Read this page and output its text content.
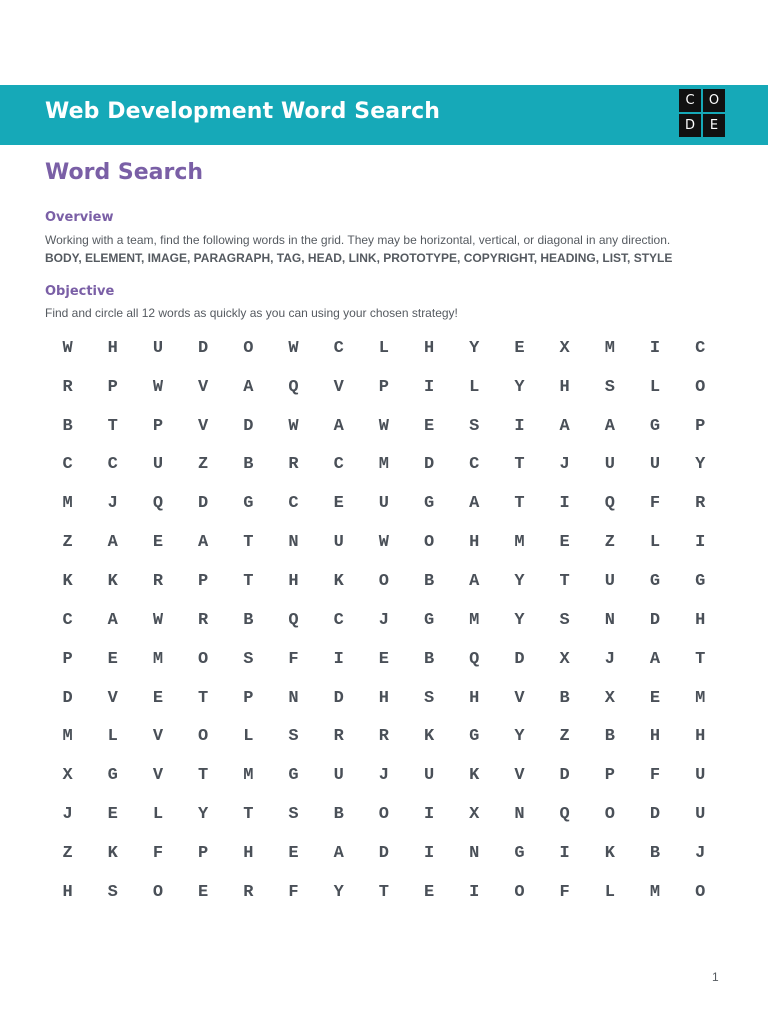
Web Development Word Search	C	O
D	E
Word Search
Overview
Working with a team, find the following words in the grid. They may be horizontal, vertical, or diagonal in any direction.
BODY, ELEMENT, IMAGE, PARAGRAPH, TAG, HEAD, LINK, PROTOTYPE, COPYRIGHT, HEADING, LIST, STYLE
Objective
Find and circle all 12 words as quickly as you can using your chosen strategy!
W	H	U	D	O	W	C	L	H	Y	E	X	M	I	C
R	P	W	V	A	Q	V	P	I	L	Y	H	S	L	O
B	T	P	V	D	W	A	W	E	S	I	A	A	G	P
C	C	U	Z	B	R	C	M	D	C	T	J	U	U	Y
M	J	Q	D	G	C	E	U	G	A	T	I	Q	F	R
Z	A	E	A	T	N	U	W	O	H	M	E	Z	L	I
K	K	R	P	T	H	K	O	B	A	Y	T	U	G	G
C	A	W	R	B	Q	C	J	G	M	Y	S	N	D	H
P	E	M	O	S	F	I	E	B	Q	D	X	J	A	T
D	V	E	T	P	N	D	H	S	H	V	B	X	E	M
M	L	V	O	L	S	R	R	K	G	Y	Z	B	H	H
X	G	V	T	M	G	U	J	U	K	V	D	P	F	U
J	E	L	Y	T	S	B	O	I	X	N	Q	O	D	U
Z	K	F	P	H	E	A	D	I	N	G	I	K	B	J
H	S	O	E	R	F	Y	T	E	I	O	F	L	M	O
1
